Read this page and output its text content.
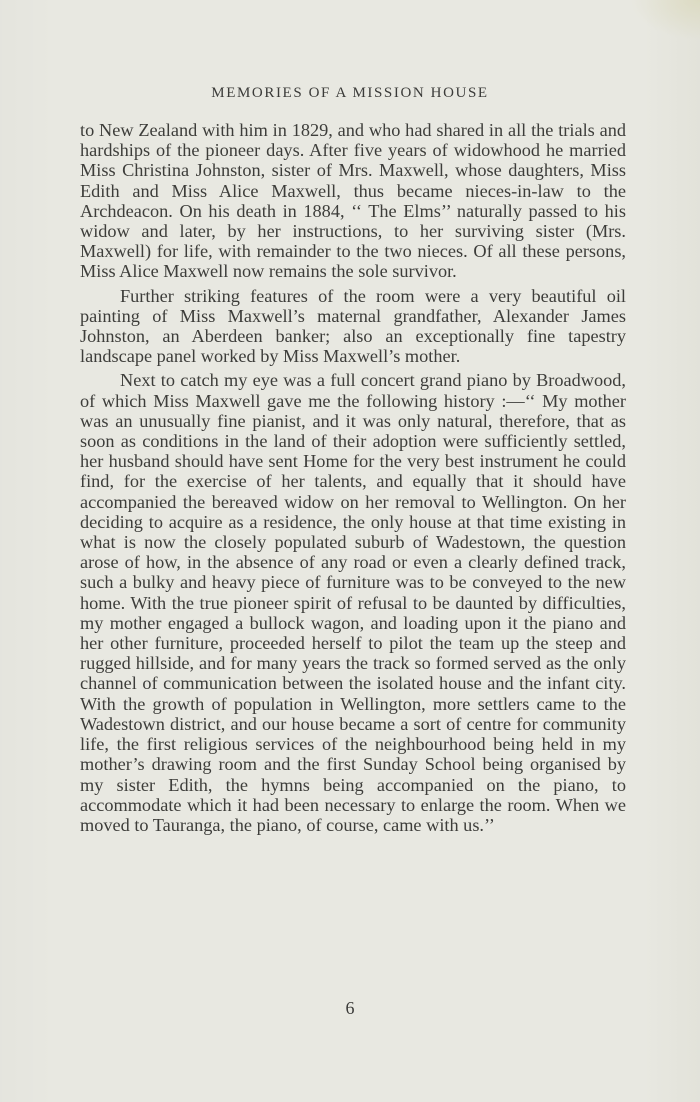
MEMORIES OF A MISSION HOUSE

to New Zealand with him in 1829, and who had shared in all the trials and hardships of the pioneer days. After five years of widowhood he married Miss Christina Johnston, sister of Mrs. Maxwell, whose daughters, Miss Edith and Miss Alice Maxwell, thus became nieces-in-law to the Archdeacon. On his death in 1884, ‘‘ The Elms’’ naturally passed to his widow and later, by her instructions, to her surviving sister (Mrs. Maxwell) for life, with remainder to the two nieces. Of all these persons, Miss Alice Maxwell now remains the sole survivor.

Further striking features of the room were a very beautiful oil painting of Miss Maxwell’s maternal grandfather, Alexander James Johnston, an Aberdeen banker; also an exceptionally fine tapestry landscape panel worked by Miss Maxwell’s mother.

Next to catch my eye was a full concert grand piano by Broadwood, of which Miss Maxwell gave me the following history :—‘‘ My mother was an unusually fine pianist, and it was only natural, therefore, that as soon as conditions in the land of their adoption were sufficiently settled, her husband should have sent Home for the very best instrument he could find, for the exercise of her talents, and equally that it should have accompanied the bereaved widow on her removal to Wellington. On her deciding to acquire as a residence, the only house at that time existing in what is now the closely populated suburb of Wadestown, the question arose of how, in the absence of any road or even a clearly defined track, such a bulky and heavy piece of furniture was to be conveyed to the new home. With the true pioneer spirit of refusal to be daunted by difficulties, my mother engaged a bullock wagon, and loading upon it the piano and her other furniture, proceeded herself to pilot the team up the steep and rugged hillside, and for many years the track so formed served as the only channel of communication between the isolated house and the infant city. With the growth of population in Wellington, more settlers came to the Wadestown district, and our house became a sort of centre for community life, the first religious services of the neighbourhood being held in my mother’s drawing room and the first Sunday School being organised by my sister Edith, the hymns being accompanied on the piano, to accommodate which it had been necessary to enlarge the room. When we moved to Tauranga, the piano, of course, came with us.’’

6
